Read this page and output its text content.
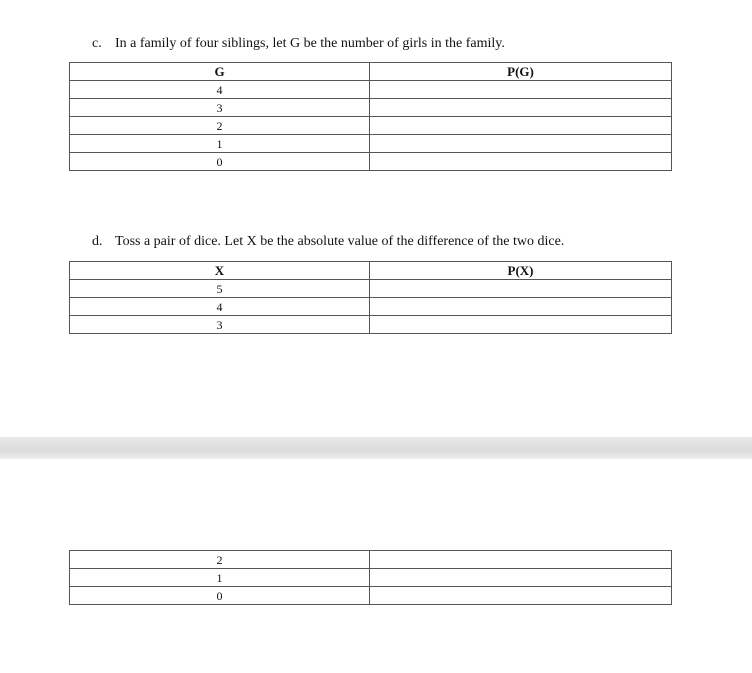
c. In a family of four siblings, let G be the number of girls in the family.
G	P(G)
4	
3	
2	
1	
0	
d. Toss a pair of dice. Let X be the absolute value of the difference of the two dice.
X	P(X)
5	
4	
3	
2	
1	
0	
